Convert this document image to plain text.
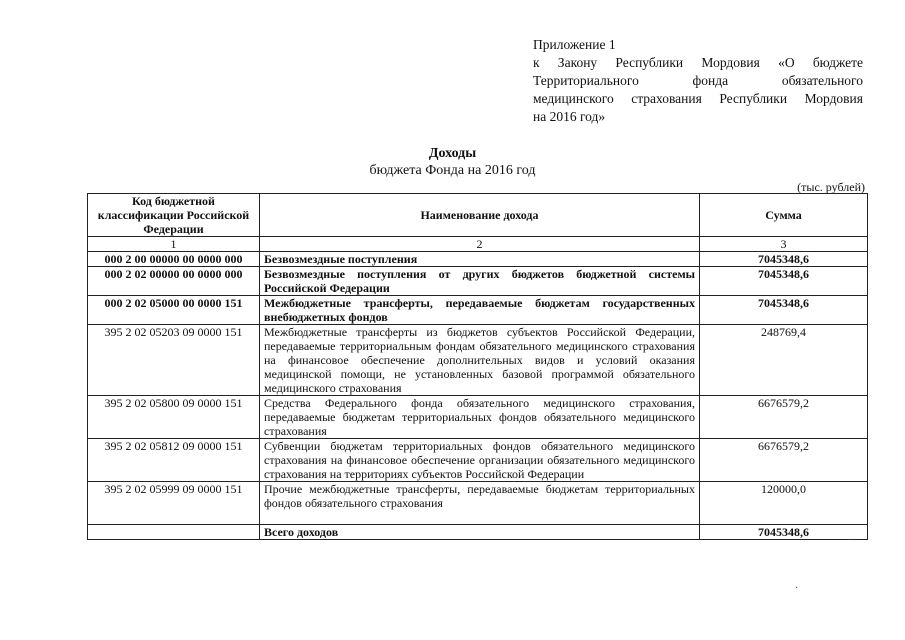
Приложение 1
к Закону Республики Мордовия «О бюджете
Территориального фонда обязательного
медицинского страхования Республики Мордовия
на 2016 год»
Доходы
бюджета Фонда на 2016 год
(тыс. рублей)
Код бюджетной классификации Российской Федерации	Наименование дохода	Сумма
1	2	3
000 2 00 00000 00 0000 000	Безвозмездные поступления	7045348,6
000 2 02 00000 00 0000 000	Безвозмездные поступления от других бюджетов бюджетной системы Российской Федерации	7045348,6
000 2 02 05000 00 0000 151	Межбюджетные трансферты, передаваемые бюджетам государственных внебюджетных фондов	7045348,6
395 2 02 05203 09 0000 151	Межбюджетные трансферты из бюджетов субъектов Российской Федерации, передаваемые территориальным фондам обязательного медицинского страхования на финансовое обеспечение дополнительных видов и условий оказания медицинской помощи, не установленных базовой программой обязательного медицинского страхования	248769,4
395 2 02 05800 09 0000 151	Средства Федерального фонда обязательного медицинского страхования, передаваемые бюджетам территориальных фондов обязательного медицинского страхования	6676579,2
395 2 02 05812 09 0000 151	Субвенции бюджетам территориальных фондов обязательного медицинского страхования на финансовое обеспечение организации обязательного медицинского страхования на территориях субъектов Российской Федерации	6676579,2
395 2 02 05999 09 0000 151	Прочие межбюджетные трансферты, передаваемые бюджетам территориальных фондов обязательного страхования	120000,0
	Всего доходов	7045348,6
·
·
